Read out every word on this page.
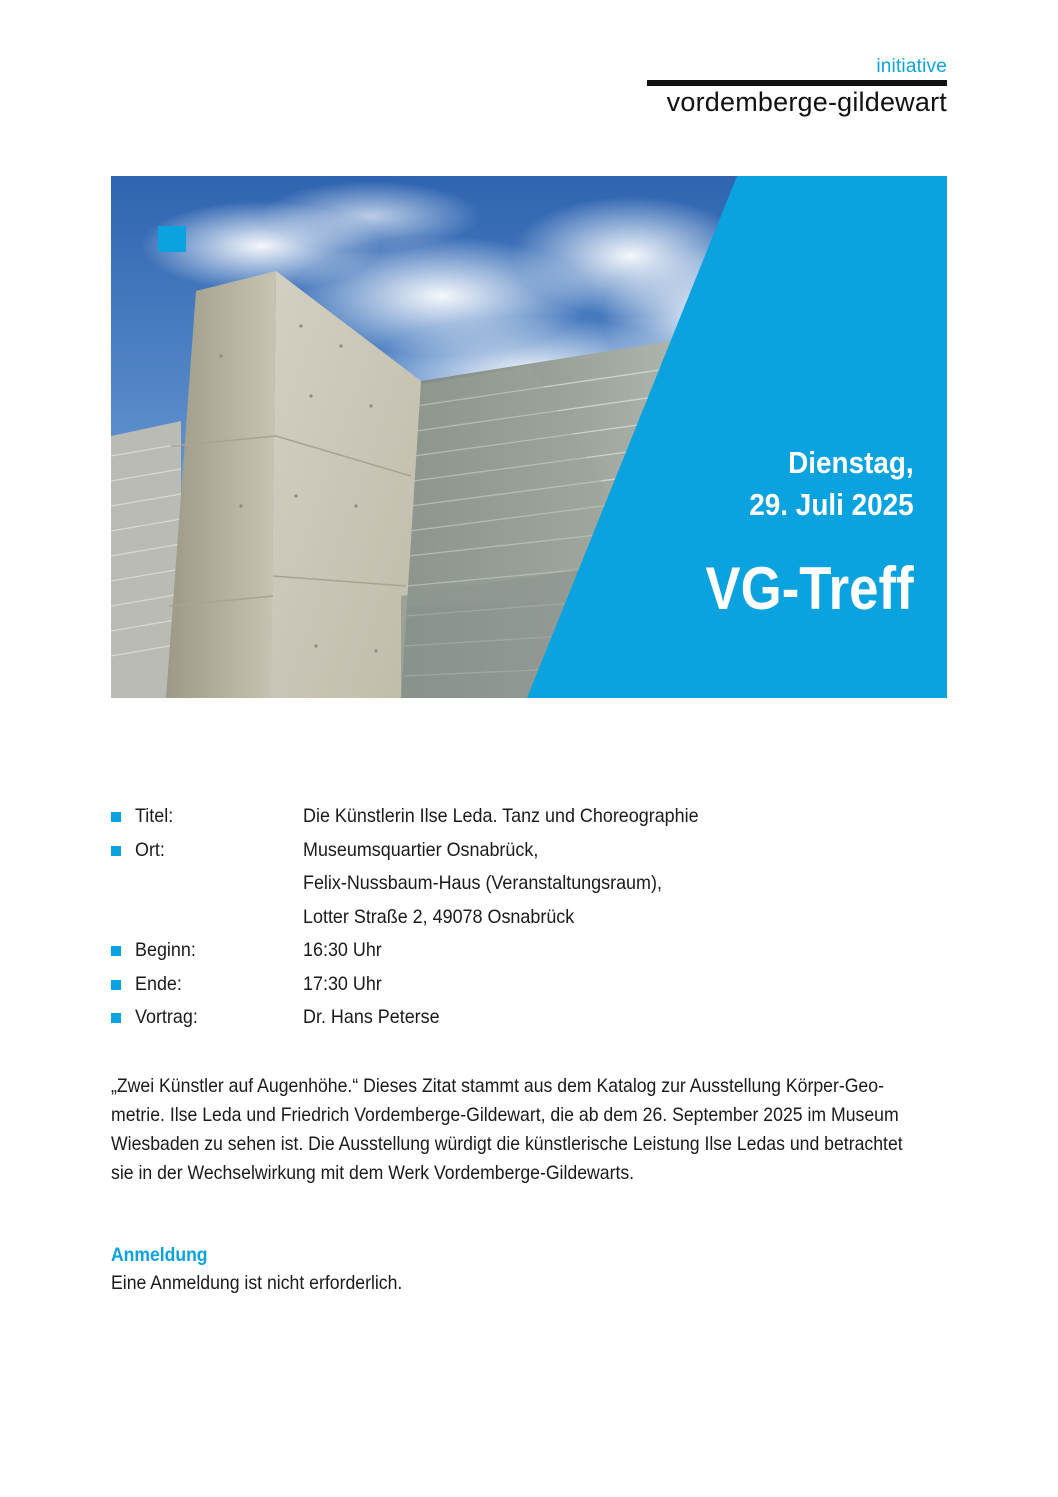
initiative
vordemberge-gildewart
Dienstag,
29. Juli 2025
VG-Treff
Titel:	Die Künstlerin Ilse Leda. Tanz und Choreographie
Ort:	Museumsquartier Osnabrück,
Felix-Nussbaum-Haus (Veranstaltungsraum),
Lotter Straße 2, 49078 Osnabrück
Beginn:	16:30 Uhr
Ende:	17:30 Uhr
Vortrag:	Dr. Hans Peterse
„Zwei Künstler auf Augenhöhe.“ Dieses Zitat stammt aus dem Katalog zur Ausstellung Körper-Geo-
metrie. Ilse Leda und Friedrich Vordemberge-Gildewart, die ab dem 26. September 2025 im Museum
Wiesbaden zu sehen ist. Die Ausstellung würdigt die künstlerische Leistung Ilse Ledas und betrachtet
sie in der Wechselwirkung mit dem Werk Vordemberge-Gildewarts.
Anmeldung
Eine Anmeldung ist nicht erforderlich.
